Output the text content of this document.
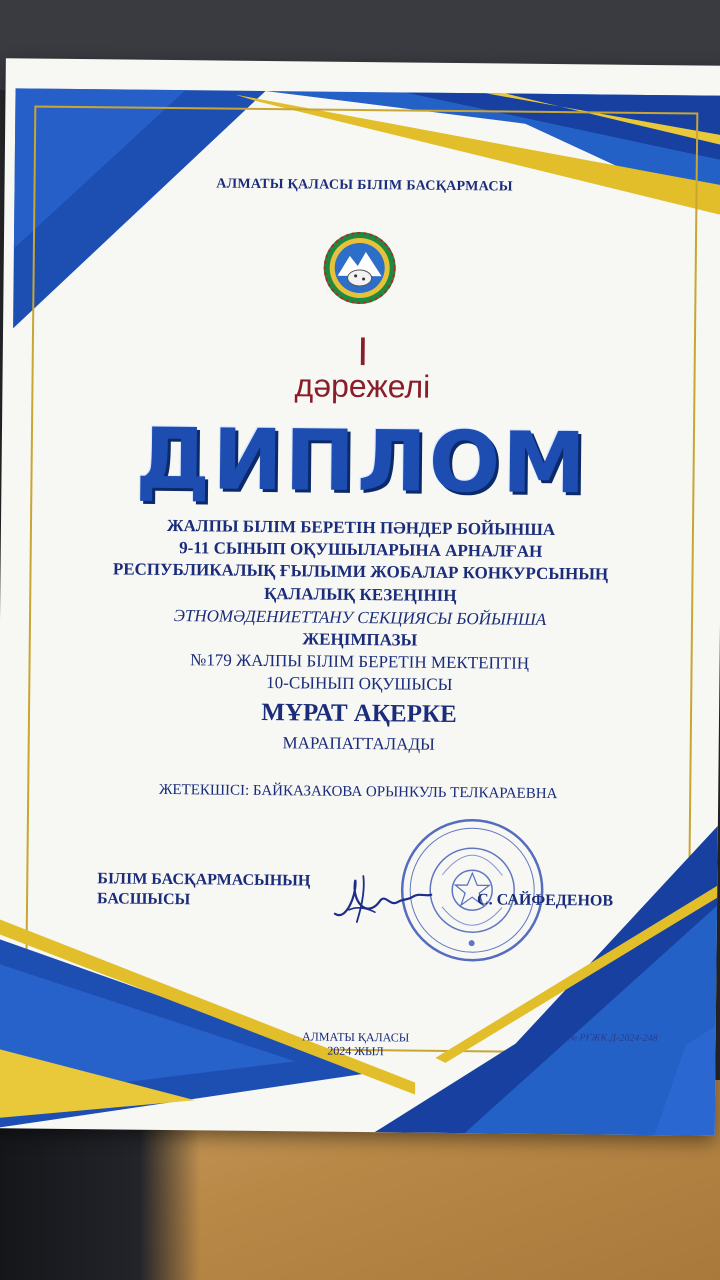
АЛМАТЫ ҚАЛАСЫ БІЛІМ БАСҚАРМАСЫ
I
дәрежелі
ДИПЛОМ
ЖАЛПЫ БІЛІМ БЕРЕТІН ПӘНДЕР БОЙЫНША
9-11 СЫНЫП ОҚУШЫЛАРЫНА АРНАЛҒАН
РЕСПУБЛИКАЛЫҚ ҒЫЛЫМИ ЖОБАЛАР КОНКУРСЫНЫҢ
ҚАЛАЛЫҚ КЕЗЕҢІНІҢ
ЭТНОМӘДЕНИЕТТАНУ СЕКЦИЯСЫ БОЙЫНША
ЖЕҢІМПАЗЫ
№179 ЖАЛПЫ БІЛІМ БЕРЕТІН МЕКТЕПТІҢ
10-СЫНЫП ОҚУШЫСЫ
МҰРАТ АҚЕРКЕ
МАРАПАТТАЛАДЫ
ЖЕТЕКШІСІ: БАЙКАЗАКОВА ОРЫНКУЛЬ ТЕЛКАРАЕВНА
БІЛІМ БАСҚАРМАСЫНЫҢ
БАСШЫСЫ	С. САЙФЕДЕНОВ
АЛМАТЫ ҚАЛАСЫ
2024 ЖЫЛ
№ РҒЖК Д-2024-248
